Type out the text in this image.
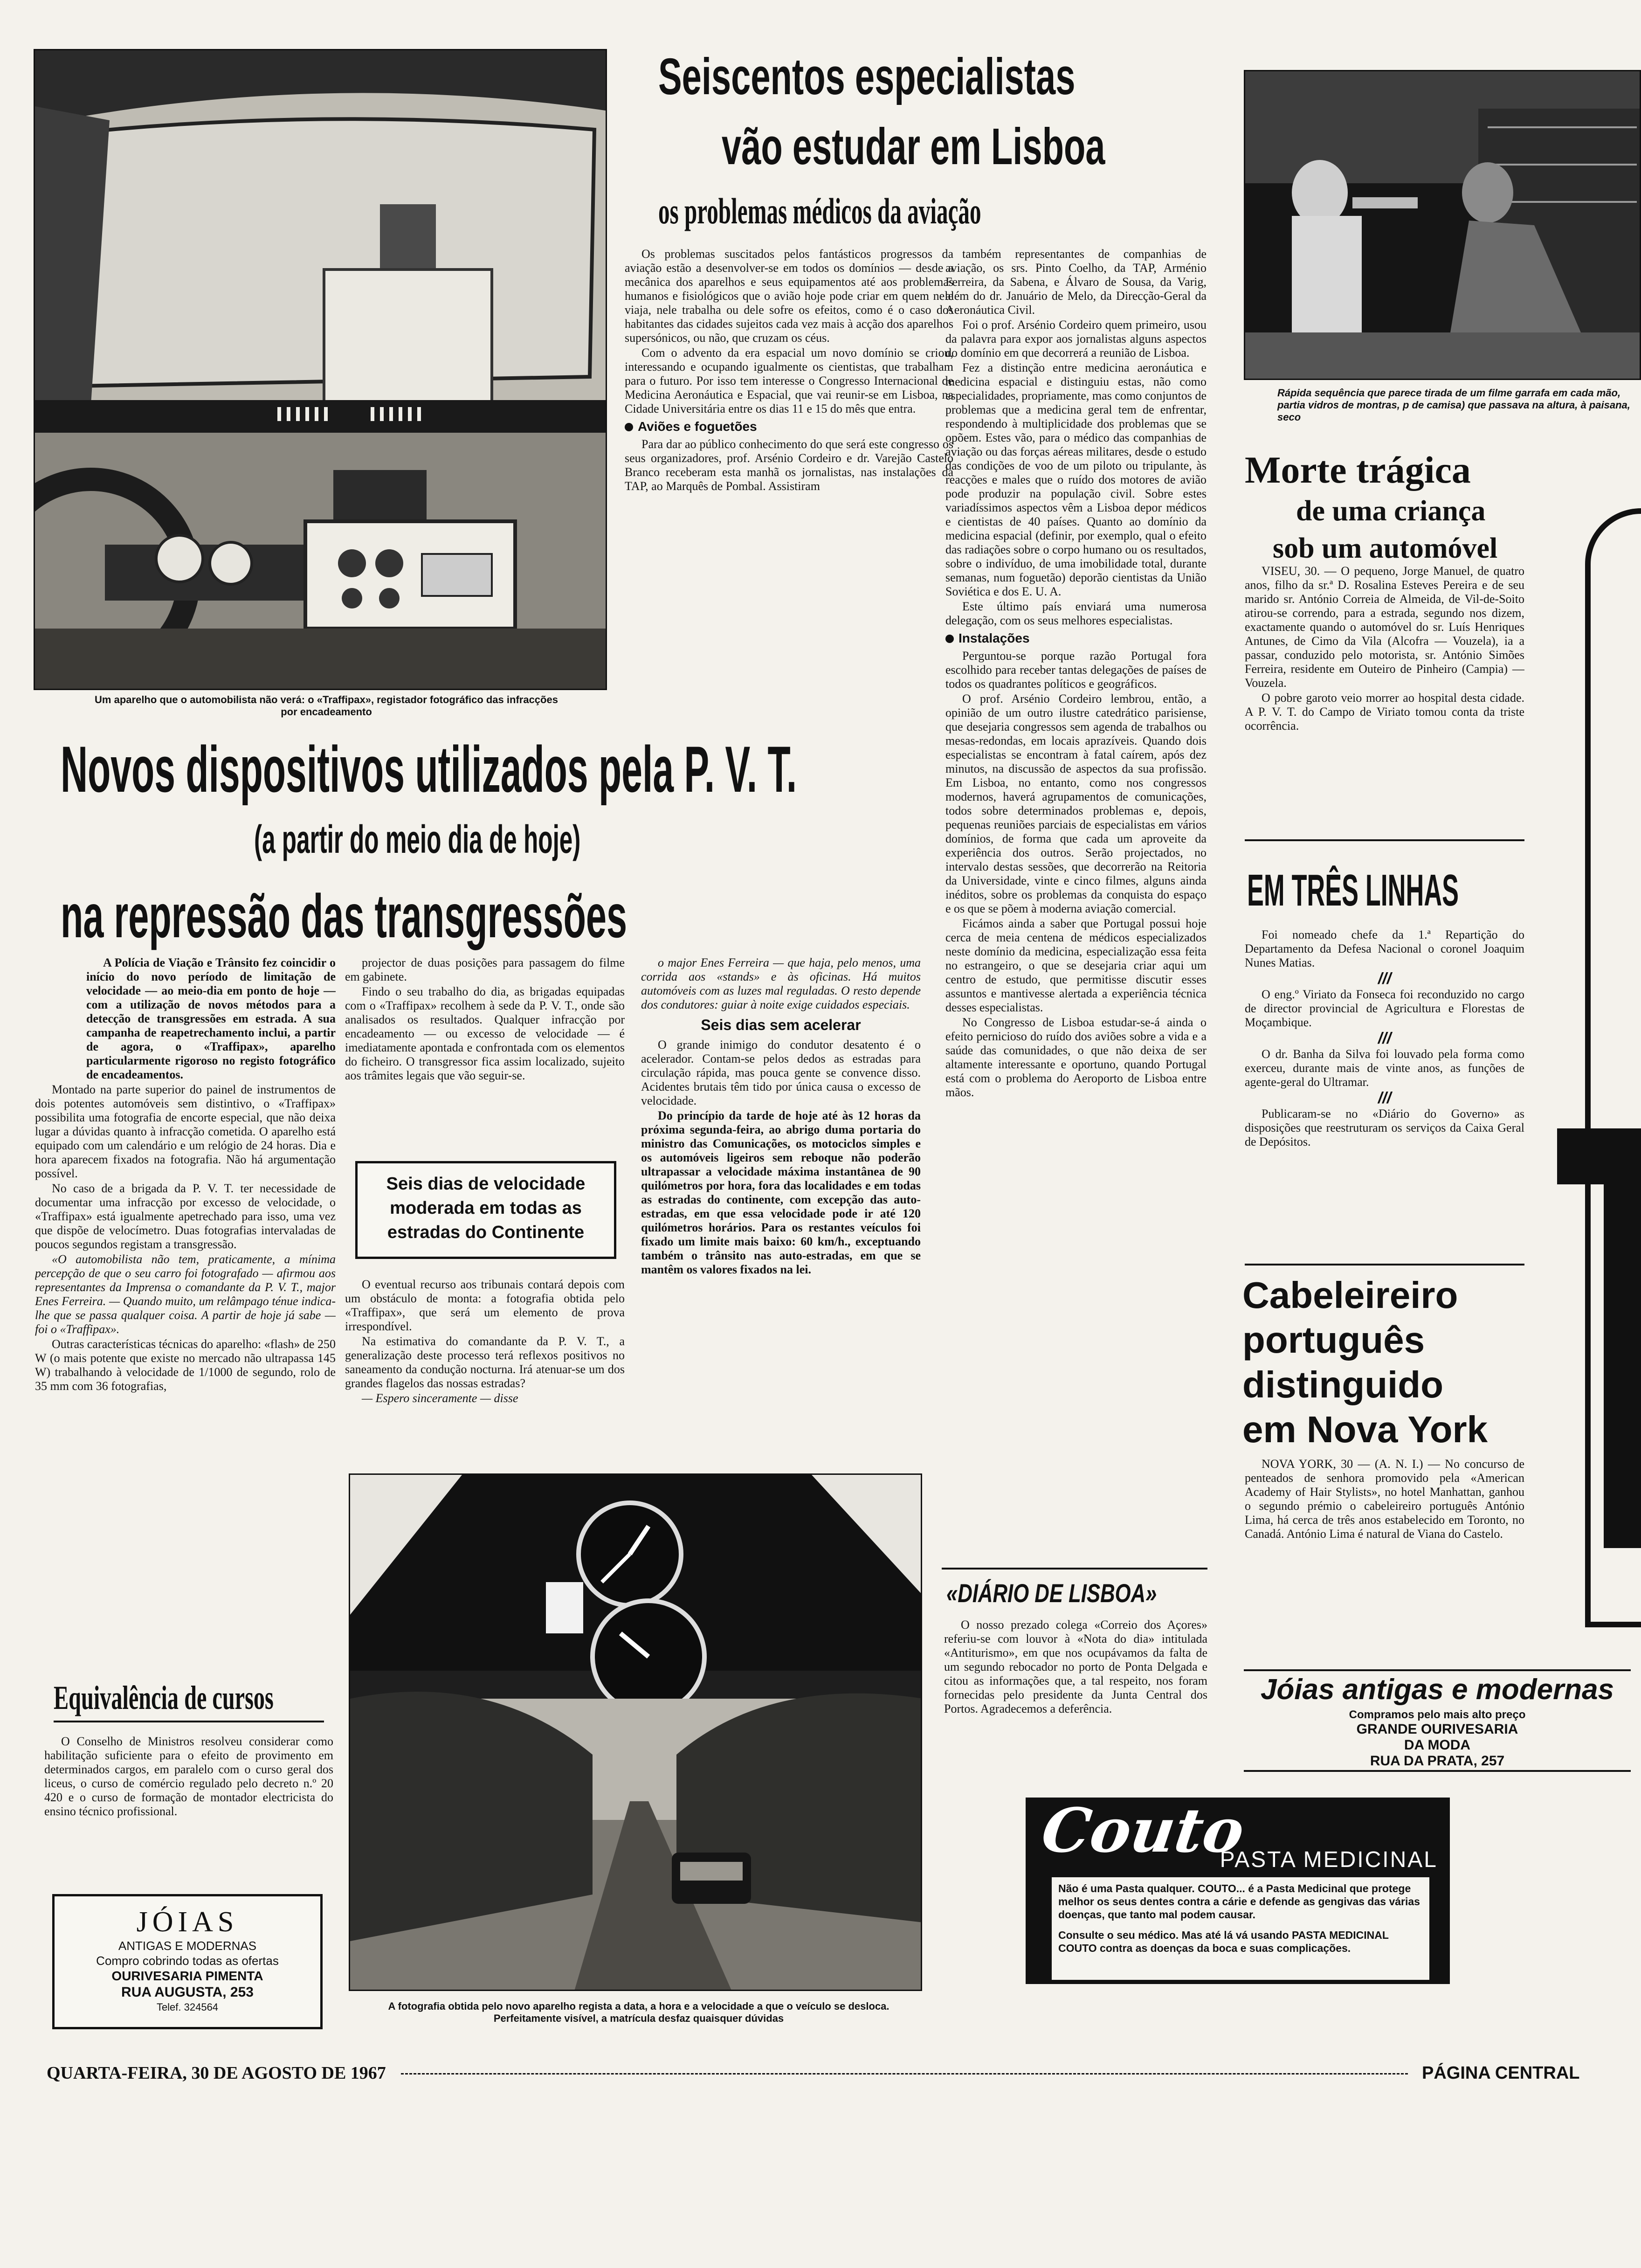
Um aparelho que o automobilista não verá: o «Traffipax», registador fotográfico das infracções por encadeamento
Seiscentos especialistas
vão estudar em Lisboa
os problemas médicos da aviação

Os problemas suscitados pelos fantásticos progressos da aviação estão a desenvolver-se em todos os domínios — desde a mecânica dos aparelhos e seus equipamentos até aos problemas humanos e fisiológicos que o avião hoje pode criar em quem nele viaja, nele trabalha ou dele sofre os efeitos, como é o caso dos habitantes das cidades sujeitos cada vez mais à acção dos aparelhos supersónicos, ou não, que cruzam os céus.

Com o advento da era espacial um novo domínio se criou, interessando e ocupando igualmente os cientistas, que trabalham para o futuro. Por isso tem interesse o Congresso Internacional de Medicina Aeronáutica e Espacial, que vai reunir-se em Lisboa, na Cidade Universitária entre os dias 11 e 15 do mês que entra.

Aviões e foguetões

Para dar ao público conhecimento do que será este congresso os seus organizadores, prof. Arsénio Cordeiro e dr. Varejão Castelo Branco receberam esta manhã os jornalistas, nas instalações da TAP, ao Marquês de Pombal. Assistiram

também representantes de companhias de aviação, os srs. Pinto Coelho, da TAP, Arménio Ferreira, da Sabena, e Álvaro de Sousa, da Varig, além do dr. Januário de Melo, da Direcção-Geral da Aeronáutica Civil.

Foi o prof. Arsénio Cordeiro quem primeiro, usou da palavra para expor aos jornalistas alguns aspectos do domínio em que decorrerá a reunião de Lisboa.

Fez a distinção entre medicina aeronáutica e medicina espacial e distinguiu estas, não como especialidades, propriamente, mas como conjuntos de problemas que a medicina geral tem de enfrentar, respondendo à multiplicidade dos problemas que se opõem. Estes vão, para o médico das companhias de aviação ou das forças aéreas militares, desde o estudo das condições de voo de um piloto ou tripulante, às reacções e males que o ruído dos motores de avião pode produzir na população civil. Sobre estes variadíssimos aspectos vêm a Lisboa depor médicos e cientistas de 40 países. Quanto ao domínio da medicina espacial (definir, por exemplo, qual o efeito das radiações sobre o corpo humano ou os resultados, sobre o indivíduo, de uma imobilidade total, durante semanas, num foguetão) deporão cientistas da União Soviética e dos E. U. A.

Este último país enviará uma numerosa delegação, com os seus melhores especialistas.

Instalações

Perguntou-se porque razão Portugal fora escolhido para receber tantas delegações de países de todos os quadrantes políticos e geográficos.

O prof. Arsénio Cordeiro lembrou, então, a opinião de um outro ilustre catedrático parisiense, que desejaria congressos sem agenda de trabalhos ou mesas-redondas, em locais aprazíveis. Quando dois especialistas se encontram à fatal caírem, após dez minutos, na discussão de aspectos da sua profissão. Em Lisboa, no entanto, como nos congressos modernos, haverá agrupamentos de comunicações, todos sobre determinados problemas e, depois, pequenas reuniões parciais de especialistas em vários domínios, de forma que cada um aproveite da experiência dos outros. Serão projectados, no intervalo destas sessões, que decorrerão na Reitoria da Universidade, vinte e cinco filmes, alguns ainda inéditos, sobre os problemas da conquista do espaço e os que se põem à moderna aviação comercial.

Ficámos ainda a saber que Portugal possui hoje cerca de meia centena de médicos especializados neste domínio da medicina, especialização essa feita no estrangeiro, o que se desejaria criar aqui um centro de estudo, que permitisse discutir esses assuntos e mantivesse alertada a experiência técnica desses especialistas.

No Congresso de Lisboa estudar-se-á ainda o efeito pernicioso do ruído dos aviões sobre a vida e a saúde das comunidades, o que não deixa de ser altamente interessante e oportuno, quando Portugal está com o problema do Aeroporto de Lisboa entre mãos.

Novos dispositivos utilizados pela P. V. T.
(a partir do meio dia de hoje)
na repressão das transgressões

A Polícia de Viação e Trânsito fez coincidir o início do novo período de limitação de velocidade — ao meio-dia em ponto de hoje — com a utilização de novos métodos para a detecção de transgressões em estrada. A sua campanha de reapetrechamento inclui, a partir de agora, o «Traffipax», aparelho particularmente rigoroso no registo fotográfico de encadeamentos.

Montado na parte superior do painel de instrumentos de dois potentes automóveis sem distintivo, o «Traffipax» possibilita uma fotografia de encorte especial, que não deixa lugar a dúvidas quanto à infracção cometida. O aparelho está equipado com um calendário e um relógio de 24 horas. Dia e hora aparecem fixados na fotografia. Não há argumentação possível.

No caso de a brigada da P. V. T. ter necessidade de documentar uma infracção por excesso de velocidade, o «Traffipax» está igualmente apetrechado para isso, uma vez que dispõe de velocímetro. Duas fotografias intervaladas de poucos segundos registam a transgressão.

«O automobilista não tem, praticamente, a mínima percepção de que o seu carro foi fotografado — afirmou aos representantes da Imprensa o comandante da P. V. T., major Enes Ferreira. — Quando muito, um relâmpago ténue indica-lhe que se passa qualquer coisa. A partir de hoje já sabe — foi o «Traffipax».

Outras características técnicas do aparelho: «flash» de 250 W (o mais potente que existe no mercado não ultrapassa 145 W) trabalhando à velocidade de 1/1000 de segundo, rolo de 35 mm com 36 fotografias,

projector de duas posições para passagem do filme em gabinete.

Findo o seu trabalho do dia, as brigadas equipadas com o «Traffipax» recolhem à sede da P. V. T., onde são analisados os resultados. Qualquer infracção por encadeamento — ou excesso de velocidade — é imediatamente apontada e confrontada com os elementos do ficheiro. O transgressor fica assim localizado, sujeito aos trâmites legais que vão seguir-se.

Seis dias de velocidade moderada em todas as estradas do Continente

O eventual recurso aos tribunais contará depois com um obstáculo de monta: a fotografia obtida pelo «Traffipax», que será um elemento de prova irrespondível.

Na estimativa do comandante da P. V. T., a generalização deste processo terá reflexos positivos no saneamento da condução nocturna. Irá atenuar-se um dos grandes flagelos das nossas estradas?

— Espero sinceramente — disse

o major Enes Ferreira — que haja, pelo menos, uma corrida aos «stands» e às oficinas. Há muitos automóveis com as luzes mal reguladas. O resto depende dos condutores: guiar à noite exige cuidados especiais.

Seis dias sem acelerar

O grande inimigo do condutor desatento é o acelerador. Contam-se pelos dedos as estradas para circulação rápida, mas pouca gente se convence disso. Acidentes brutais têm tido por única causa o excesso de velocidade.

Do princípio da tarde de hoje até às 12 horas da próxima segunda-feira, ao abrigo duma portaria do ministro das Comunicações, os motociclos simples e os automóveis ligeiros sem reboque não poderão ultrapassar a velocidade máxima instantânea de 90 quilómetros por hora, fora das localidades e em todas as estradas do continente, com excepção das auto-estradas, em que essa velocidade pode ir até 120 quilómetros horários. Para os restantes veículos foi fixado um limite mais baixo: 60 km/h., exceptuando também o trânsito nas auto-estradas, em que se mantêm os valores fixados na lei.

A fotografia obtida pelo novo aparelho regista a data, a hora e a velocidade a que o veículo se desloca. Perfeitamente visível, a matrícula desfaz quaisquer dúvidas
«DIÁRIO DE LISBOA»

O nosso prezado colega «Correio dos Açores» referiu-se com louvor à «Nota do dia» intitulada «Antiturismo», em que nos ocupávamos da falta de um segundo rebocador no porto de Ponta Delgada e citou as informações que, a tal respeito, nos foram fornecidas pelo presidente da Junta Central dos Portos. Agradecemos a deferência.

Equivalência de cursos

O Conselho de Ministros resolveu considerar como habilitação suficiente para o efeito de provimento em determinados cargos, em paralelo com o curso geral dos liceus, o curso de comércio regulado pelo decreto n.º 20 420 e o curso de formação de montador electricista do ensino técnico profissional.

JÓIAS
ANTIGAS E MODERNAS
Compro cobrindo todas as ofertas
OURIVESARIA PIMENTA
RUA AUGUSTA, 253
Telef. 324564
Rápida sequência que parece tirada de um filme garrafa em cada mão, partia vidros de montras, p de camisa) que passava na altura, à paisana, seco
Morte trágica
de uma criança
sob um automóvel

VISEU, 30. — O pequeno, Jorge Manuel, de quatro anos, filho da sr.ª D. Rosalina Esteves Pereira e de seu marido sr. António Correia de Almeida, de Vil-de-Soito atirou-se correndo, para a estrada, segundo nos dizem, exactamente quando o automóvel do sr. Luís Henriques Antunes, de Cimo da Vila (Alcofra — Vouzela), ia a passar, conduzido pelo motorista, sr. António Simões Ferreira, residente em Outeiro de Pinheiro (Campia) — Vouzela.

O pobre garoto veio morrer ao hospital desta cidade. A P. V. T. do Campo de Viriato tomou conta da triste ocorrência.

EM TRÊS LINHAS

Foi nomeado chefe da 1.ª Repartição do Departamento da Defesa Nacional o coronel Joaquim Nunes Matias.

///

O eng.º Viriato da Fonseca foi reconduzido no cargo de director provincial de Agricultura e Florestas de Moçambique.

///

O dr. Banha da Silva foi louvado pela forma como exerceu, durante mais de vinte anos, as funções de agente-geral do Ultramar.

///

Publicaram-se no «Diário do Governo» as disposições que reestruturam os serviços da Caixa Geral de Depósitos.

Cabeleireiro
português
distinguido
em Nova York

NOVA YORK, 30 — (A. N. I.) — No concurso de penteados de senhora promovido pela «American Academy of Hair Stylists», no hotel Manhattan, ganhou o segundo prémio o cabeleireiro português António Lima, há cerca de três anos estabelecido em Toronto, no Canadá. António Lima é natural de Viana do Castelo.

Jóias antigas e modernas
Compramos pelo mais alto preço
GRANDE OURIVESARIA
DA MODA
RUA DA PRATA, 257
Couto
PASTA MEDICINAL
Não é uma Pasta qualquer. COUTO... é a Pasta Medicinal que protege melhor os seus dentes contra a cárie e defende as gengivas das várias doenças, que tanto mal podem causar.
Consulte o seu médico. Mas até lá vá usando PASTA MEDICINAL COUTO contra as doenças da boca e suas complicações.
QUARTA-FEIRA, 30 DE AGOSTO DE 1967	PÁGINA CENTRAL
